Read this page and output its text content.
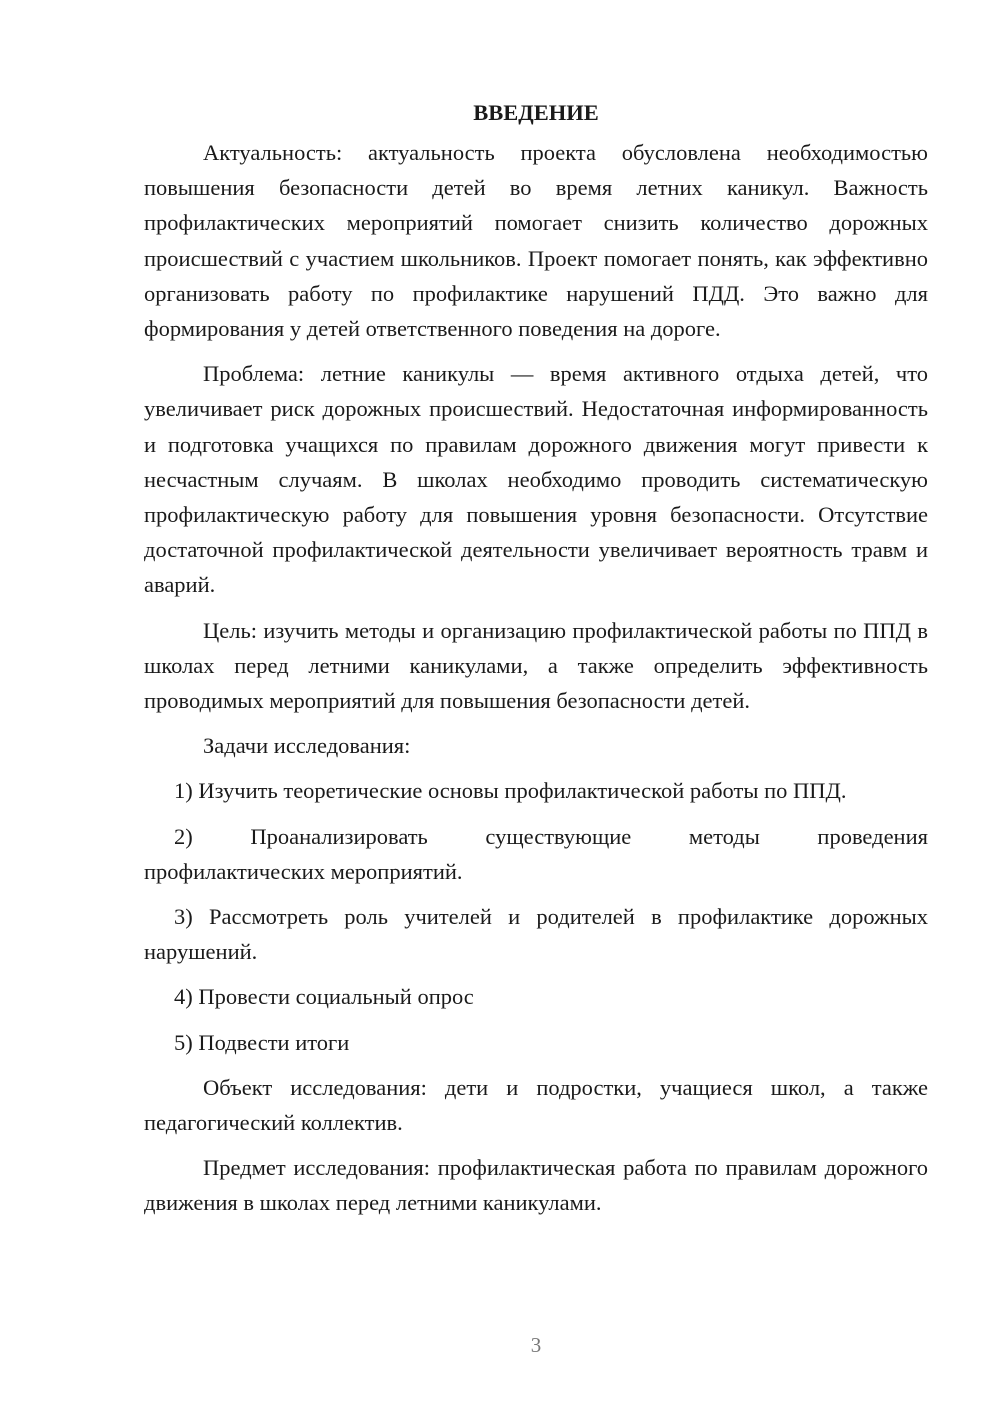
ВВЕДЕНИЕ

Актуальность: актуальность проекта обусловлена необходимостью повышения безопасности детей во время летних каникул. Важность профилактических мероприятий помогает снизить количество дорожных происшествий с участием школьников. Проект помогает понять, как эффективно организовать работу по профилактике нарушений ПДД. Это важно для формирования у детей ответственного поведения на дороге.

Проблема: летние каникулы — время активного отдыха детей, что увеличивает риск дорожных происшествий. Недостаточная информированность и подготовка учащихся по правилам дорожного движения могут привести к несчастным случаям. В школах необходимо проводить систематическую профилактическую работу для повышения уровня безопасности. Отсутствие достаточной профилактической деятельности увеличивает вероятность травм и аварий.

Цель: изучить методы и организацию профилактической работы по ППД в школах перед летними каникулами, а также определить эффективность проводимых мероприятий для повышения безопасности детей.

Задачи исследования:

1) Изучить теоретические основы профилактической работы по ППД.

2) Проанализировать существующие методы проведения

профилактических мероприятий.

3) Рассмотреть роль учителей и родителей в профилактике дорожных нарушений.

4) Провести социальный опрос

5) Подвести итоги

Объект исследования: дети и подростки, учащиеся школ, а также педагогический коллектив.

Предмет исследования: профилактическая работа по правилам дорожного движения в школах перед летними каникулами.

3
